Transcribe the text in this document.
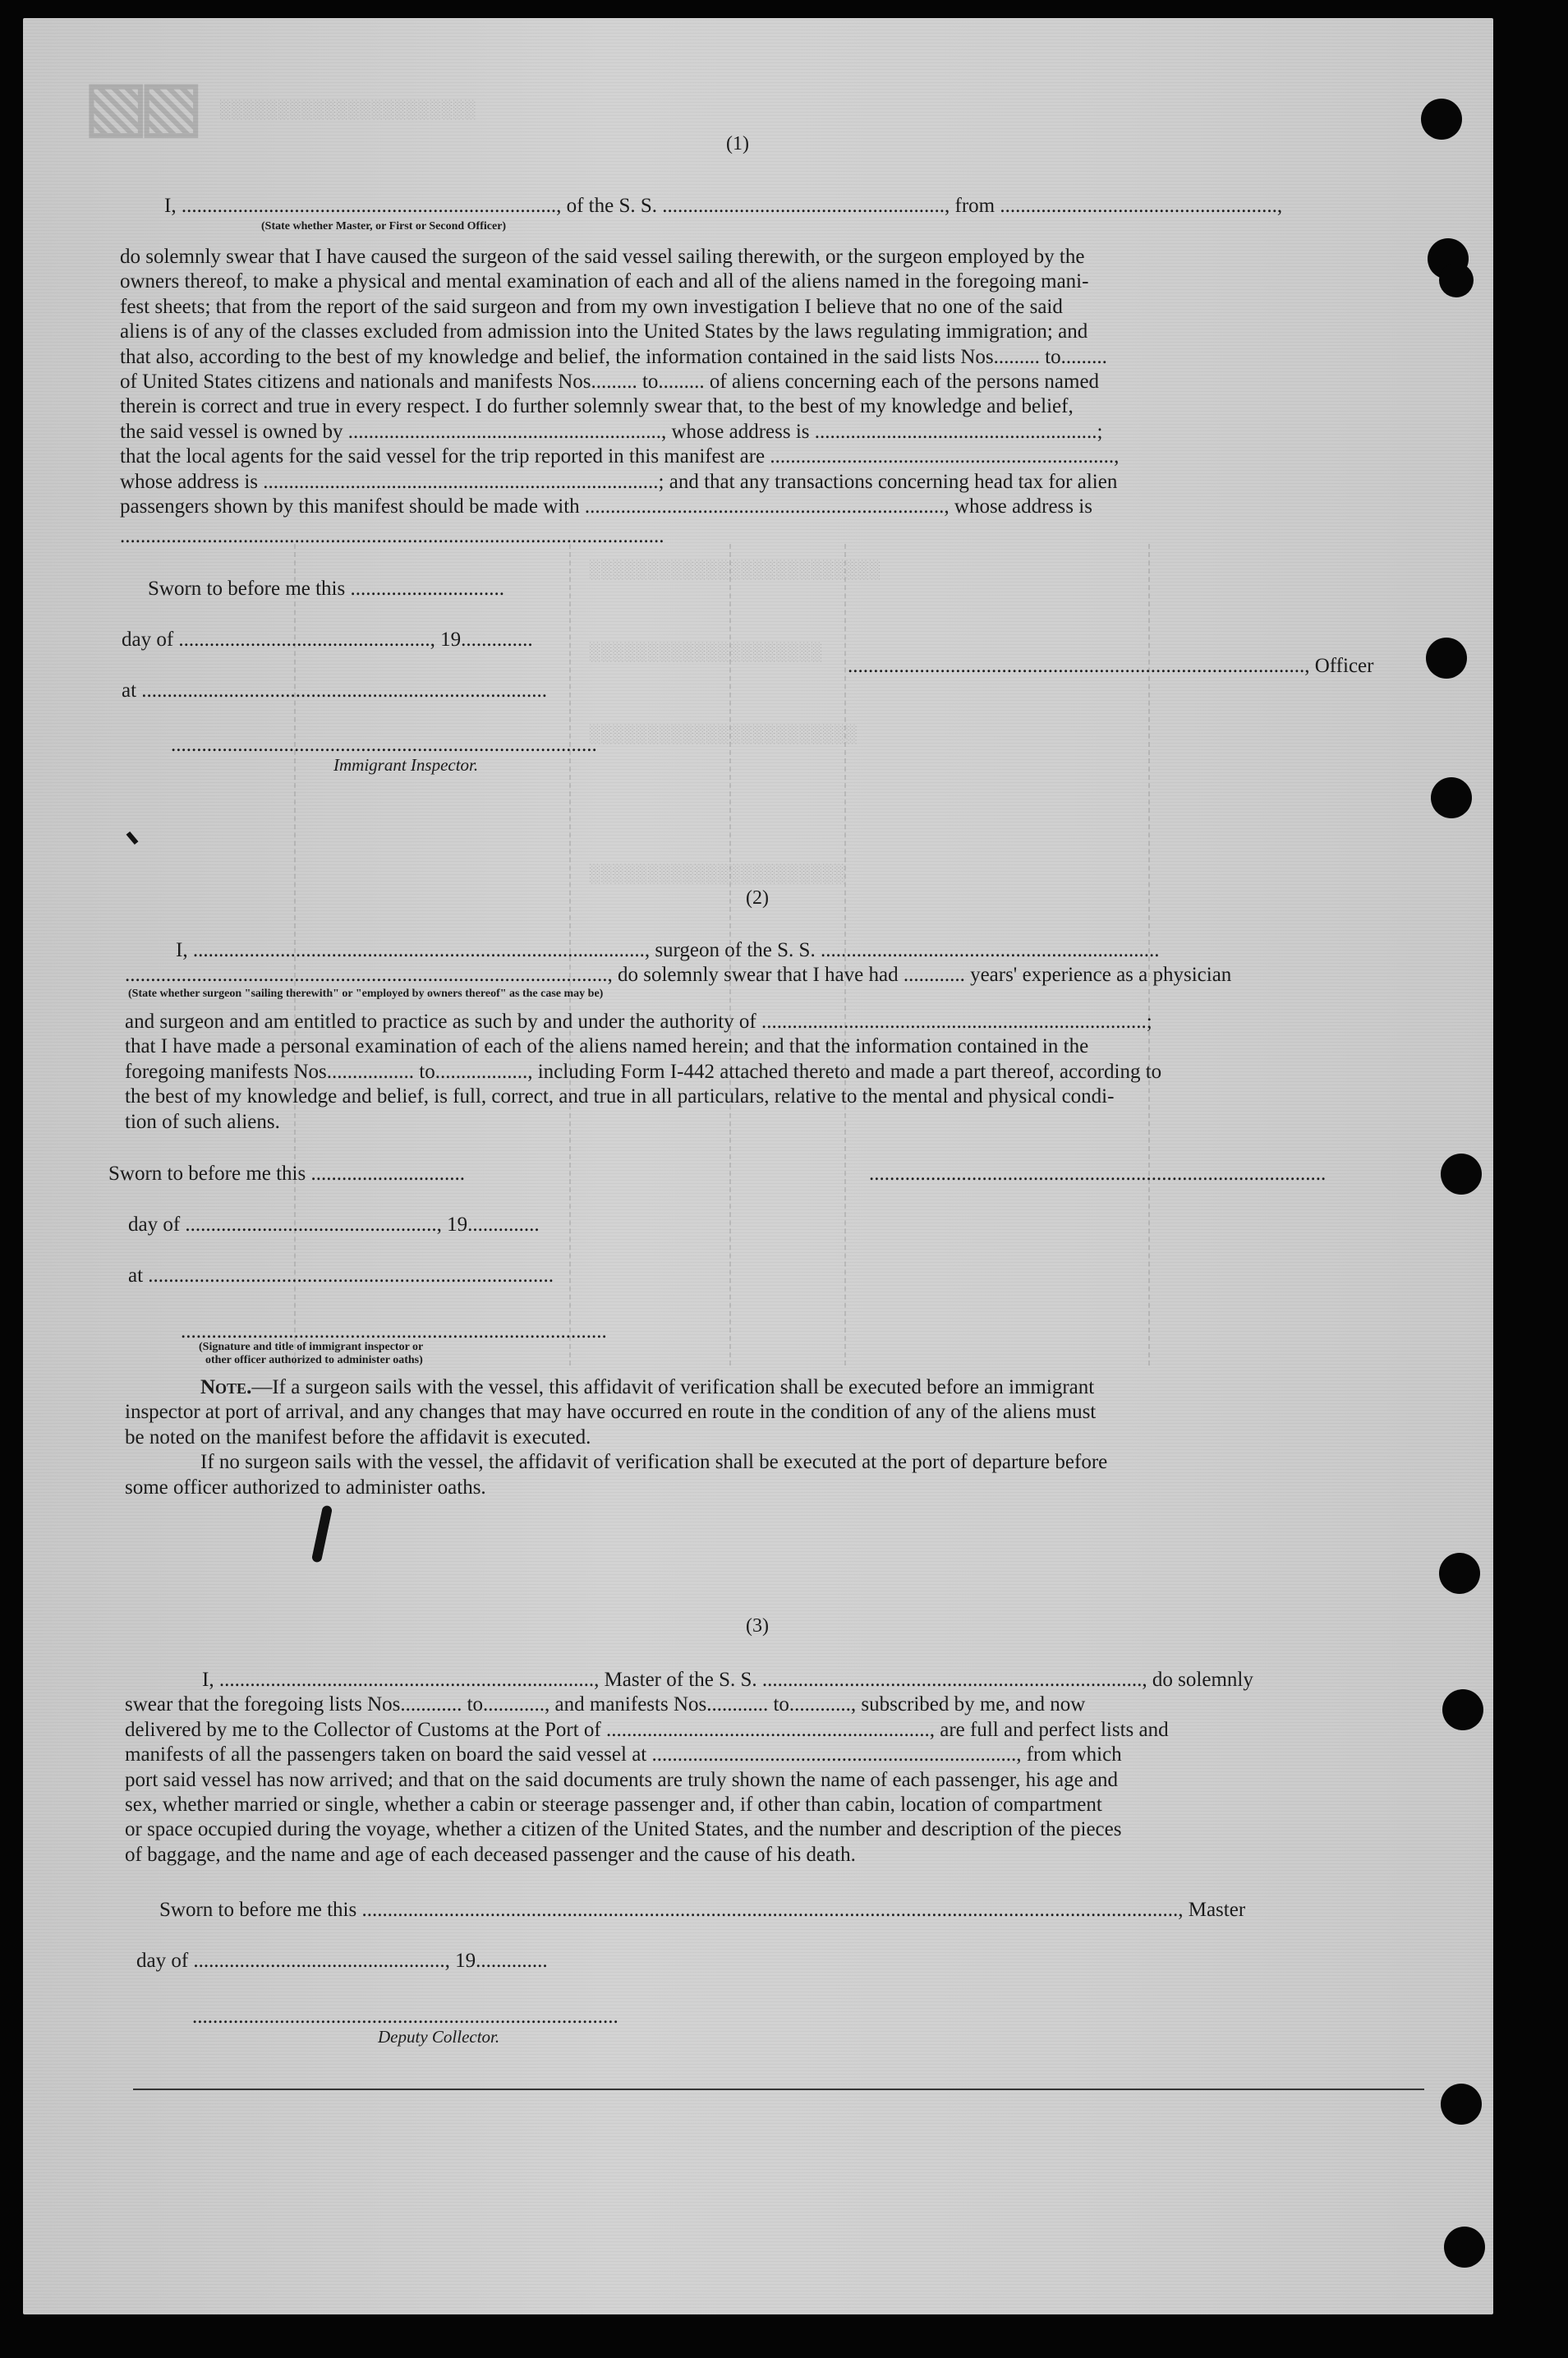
▧▧ ░░░░░░░░░░░░░░░░░░░░░░
░░░░░░░░░░░░░░░░░░░░░░░░░
░░░░░░░░░░░░░░░░░░░░
░░░░░░░░░░░░░░░░░░░░░░░
░░░░░░░░░░░░░░░░░░░░░░
(1)
I, ........................................................................., of the S. S. ......................................................., from ......................................................,
(State whether Master, or First or Second Officer)
do solemnly swear that I have caused the surgeon of the said vessel sailing therewith, or the surgeon employed by the
owners thereof, to make a physical and mental examination of each and all of the aliens named in the foregoing mani-
fest sheets; that from the report of the said surgeon and from my own investigation I believe that no one of the said
aliens is of any of the classes excluded from admission into the United States by the laws regulating immigration; and
that also, according to the best of my knowledge and belief, the information contained in the said lists Nos......... to.........
of United States citizens and nationals and manifests Nos......... to......... of aliens concerning each of the persons named
therein is correct and true in every respect. I do further solemnly swear that, to the best of my knowledge and belief,
the said vessel is owned by ............................................................., whose address is .......................................................;
that the local agents for the said vessel for the trip reported in this manifest are ...................................................................,
whose address is .............................................................................; and that any transactions concerning head tax for alien
passengers shown by this manifest should be made with ......................................................................, whose address is
..........................................................................................................
Sworn to before me this ..............................
day of ................................................., 19..............
........................................................................................., Officer
at ...............................................................................
...................................................................................
Immigrant Inspector.
(2)
I, ........................................................................................, surgeon of the S. S. ..................................................................
.............................................................................................., do solemnly swear that I have had ............ years' experience as a physician
(State whether surgeon "sailing therewith" or "employed by owners thereof" as the case may be)
and surgeon and am entitled to practice as such by and under the authority of ...........................................................................;
that I have made a personal examination of each of the aliens named herein; and that the information contained in the
foregoing manifests Nos................. to.................., including Form I-442 attached thereto and made a part thereof, according to
the best of my knowledge and belief, is full, correct, and true in all particulars, relative to the mental and physical condi-
tion of such aliens.
Sworn to before me this ..............................	.........................................................................................
day of ................................................., 19..............
at ...............................................................................
...................................................................................
(Signature and title of immigrant inspector or
other officer authorized to administer oaths)
Note.—If a surgeon sails with the vessel, this affidavit of verification shall be executed before an immigrant
inspector at port of arrival, and any changes that may have occurred en route in the condition of any of the aliens must
be noted on the manifest before the affidavit is executed.
If no surgeon sails with the vessel, the affidavit of verification shall be executed at the port of departure before
some officer authorized to administer oaths.
(3)
I, ........................................................................., Master of the S. S. .........................................................................., do solemnly
swear that the foregoing lists Nos............ to............, and manifests Nos............ to............, subscribed by me, and now
delivered by me to the Collector of Customs at the Port of ..............................................................., are full and perfect lists and
manifests of all the passengers taken on board the said vessel at ......................................................................., from which
port said vessel has now arrived; and that on the said documents are truly shown the name of each passenger, his age and
sex, whether married or single, whether a cabin or steerage passenger and, if other than cabin, location of compartment
or space occupied during the voyage, whether a citizen of the United States, and the number and description of the pieces
of baggage, and the name and age of each deceased passenger and the cause of his death.
Sworn to before me this ..............................................................................................................................................................., Master
day of ................................................., 19..............
...................................................................................
Deputy Collector.
